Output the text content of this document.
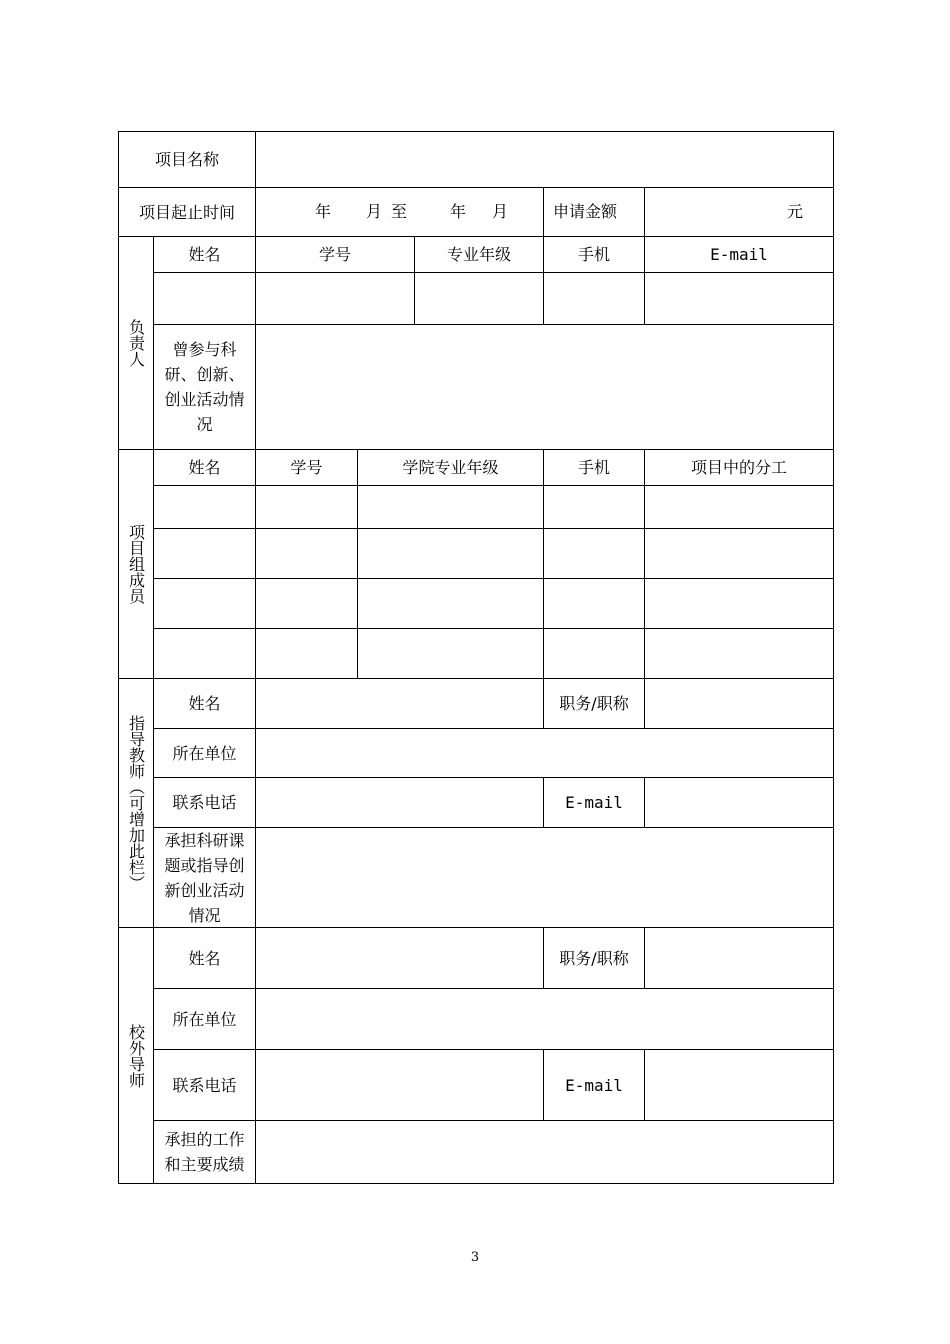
项目名称
项目起止时间	年 月 至	年 月	申请金额	元
负责人
姓名	学号	专业年级	手机	E-mail
曾参与科研、创新、创业活动情况
项目组成员
姓名	学号	学院专业年级	手机	项目中的分工
指导教师（可增加此栏）
姓名	职务/职称
所在单位
联系电话	E-mail
承担科研课题或指导创新创业活动情况
校外导师
姓名	职务/职称
所在单位
联系电话	E-mail
承担的工作和主要成绩
3
